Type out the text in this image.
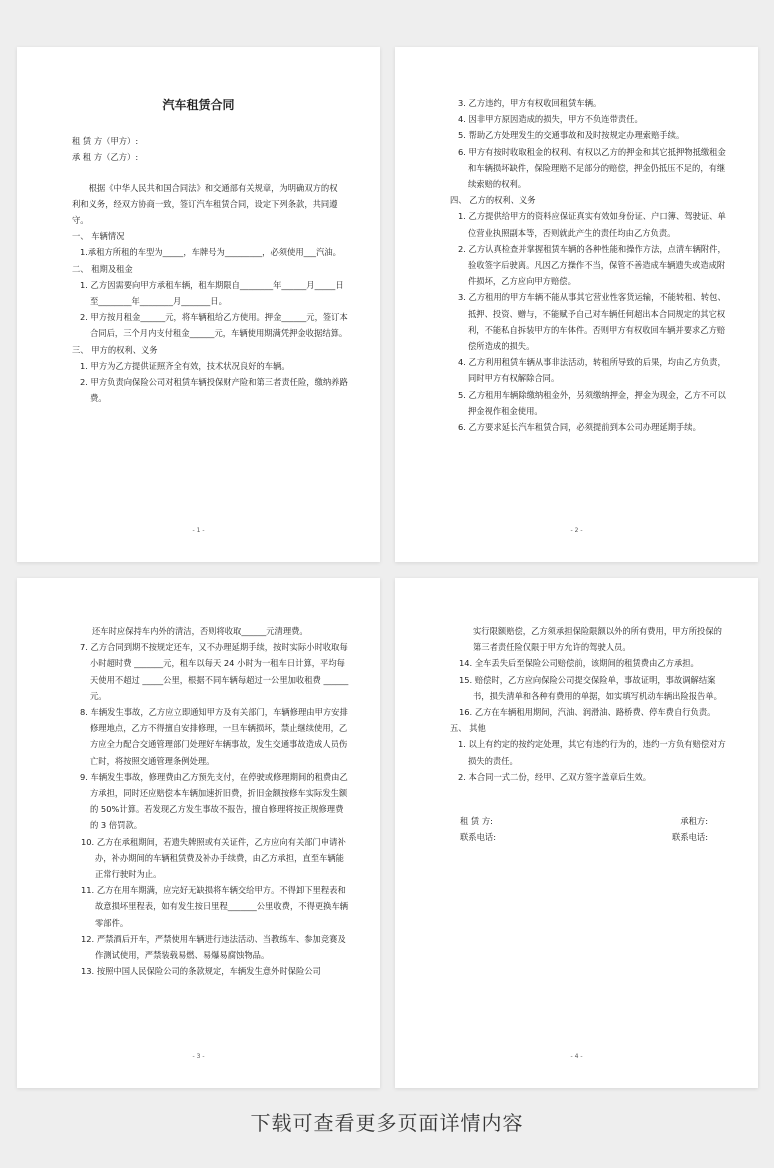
汽车租赁合同
租 赁 方（甲方）:
承 租 方（乙方）:
根据《中华人民共和国合同法》和交通部有关规章，为明确双方的权利和义务，经双方协商一致，签订汽车租赁合同，设定下列条款，共同遵守。
一、 车辆情况
1.承租方所租的车型为_____，车牌号为_________，必须使用___汽油。
二、 租期及租金
1. 乙方因需要向甲方承租车辆，租车期限自________年______月_____日至________年________月_______日。
2. 甲方按月租金______元，将车辆租给乙方使用。押金______元，签订本合同后，三个月内支付租金______元，车辆使用期满凭押金收据结算。
三、 甲方的权利、义务
1. 甲方为乙方提供证照齐全有效，技术状况良好的车辆。
2. 甲方负责向保险公司对租赁车辆投保财产险和第三者责任险，缴纳养路费。
- 1 -
3. 乙方违约，甲方有权收回租赁车辆。
4. 因非甲方原因造成的损失，甲方不负连带责任。
5. 帮助乙方处理发生的交通事故和及时按规定办理索赔手续。
6. 甲方有按时收取租金的权利、有权以乙方的押金和其它抵押物抵缴租金和车辆损坏缺件，保险理赔不足部分的赔偿，押金仍抵压不足的，有继续索赔的权利。
四、 乙方的权利、义务
1. 乙方提供给甲方的资料应保证真实有效如身份证、户口簿、驾驶证、单位营业执照副本等，否则就此产生的责任均由乙方负责。
2. 乙方认真检查并掌握租赁车辆的各种性能和操作方法，点清车辆附件，验收签字后驶离。凡因乙方操作不当，保管不善造成车辆遗失或造成附件损坏，乙方应向甲方赔偿。
3. 乙方租用的甲方车辆不能从事其它营业性客货运输，不能转租、转包、抵押、投资、赠与，不能赋予自己对车辆任何超出本合同规定的其它权利，不能私自拆装甲方的车体件。否则甲方有权收回车辆并要求乙方赔偿所造成的损失。
4. 乙方利用租赁车辆从事非法活动，转租所导致的后果，均由乙方负责，同时甲方有权解除合同。
5. 乙方租用车辆除缴纳租金外，另须缴纳押金，押金为现金，乙方不可以押金视作租金使用。
6. 乙方要求延长汽车租赁合同，必须提前到本公司办理延期手续。
- 2 -
还车时应保持车内外的清洁，否则将收取______元清理费。
7. 乙方合同到期不按规定还车，又不办理延期手续，按时实际小时收取每小时超时费 _______元，租车以每天 24 小时为一租车日计算，平均每天使用不超过 _____公里，根据不同车辆每超过一公里加收租费 ______元。
8. 车辆发生事故，乙方应立即通知甲方及有关部门，车辆修理由甲方安排修理地点，乙方不得擅自安排修理，一旦车辆损坏，禁止继续使用，乙方应全力配合交通管理部门处理好车辆事故，发生交通事故造成人员伤亡时，将按照交通管理条例处理。
9. 车辆发生事故，修理费由乙方预先支付，在停驶或修理期间的租费由乙方承担，同时还应赔偿本车辆加速折旧费，折旧金额按修车实际发生额的 50%计算。若发现乙方发生事故不报告，擅自修理将按正规修理费的 3 倍罚款。
10. 乙方在承租期间，若遗失牌照或有关证件，乙方应向有关部门申请补办，补办期间的车辆租赁费及补办手续费，由乙方承担，直至车辆能正常行驶时为止。
11. 乙方在用车期满，应完好无缺损将车辆交给甲方。不得卸下里程表和故意损坏里程表，如有发生按日里程_______公里收费，不得更换车辆零部件。
12. 严禁酒后开车，严禁使用车辆进行违法活动、当教练车、参加竞赛及作测试使用，严禁装载易燃、易爆易腐蚀物品。
13. 按照中国人民保险公司的条款规定，车辆发生意外时保险公司
- 3 -
实行限额赔偿，乙方须承担保险限额以外的所有费用，甲方所投保的第三者责任险仅限于甲方允许的驾驶人员。
14. 全车丢失后至保险公司赔偿前，该期间的租赁费由乙方承担。
15. 赔偿时，乙方应向保险公司提交保险单，事故证明，事故调解结案书，损失清单和各种有费用的单据，如实填写机动车辆出险报告单。
16. 乙方在车辆租用期间，汽油、润滑油、路桥费、停车费自行负责。
五、 其他
1. 以上有约定的按约定处理，其它有违约行为的，违约一方负有赔偿对方损失的责任。
2. 本合同一式二份，经甲、乙双方签字盖章后生效。
租 赁 方:	承租方:
联系电话:	联系电话:
- 4 -
下载可查看更多页面详情内容
